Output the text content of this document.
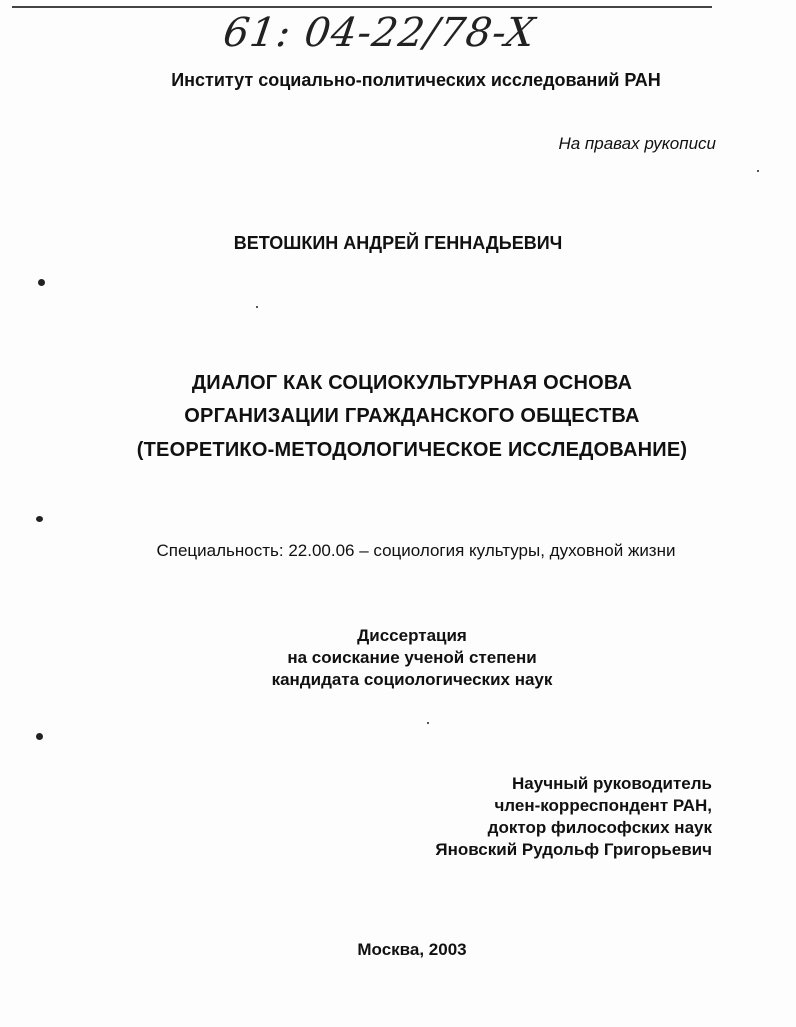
61: 04-22/78-X
Институт социально-политических исследований РАН
На правах рукописи
ВЕТОШКИН АНДРЕЙ ГЕННАДЬЕВИЧ
ДИАЛОГ КАК СОЦИОКУЛЬТУРНАЯ ОСНОВА
ОРГАНИЗАЦИИ ГРАЖДАНСКОГО ОБЩЕСТВА
(ТЕОРЕТИКО-МЕТОДОЛОГИЧЕСКОЕ ИССЛЕДОВАНИЕ)
Специальность: 22.00.06 – социология культуры, духовной жизни
Диссертация
на соискание ученой степени
кандидата социологических наук
Научный руководитель
член-корреспондент РАН,
доктор философских наук
Яновский Рудольф Григорьевич
Москва, 2003
